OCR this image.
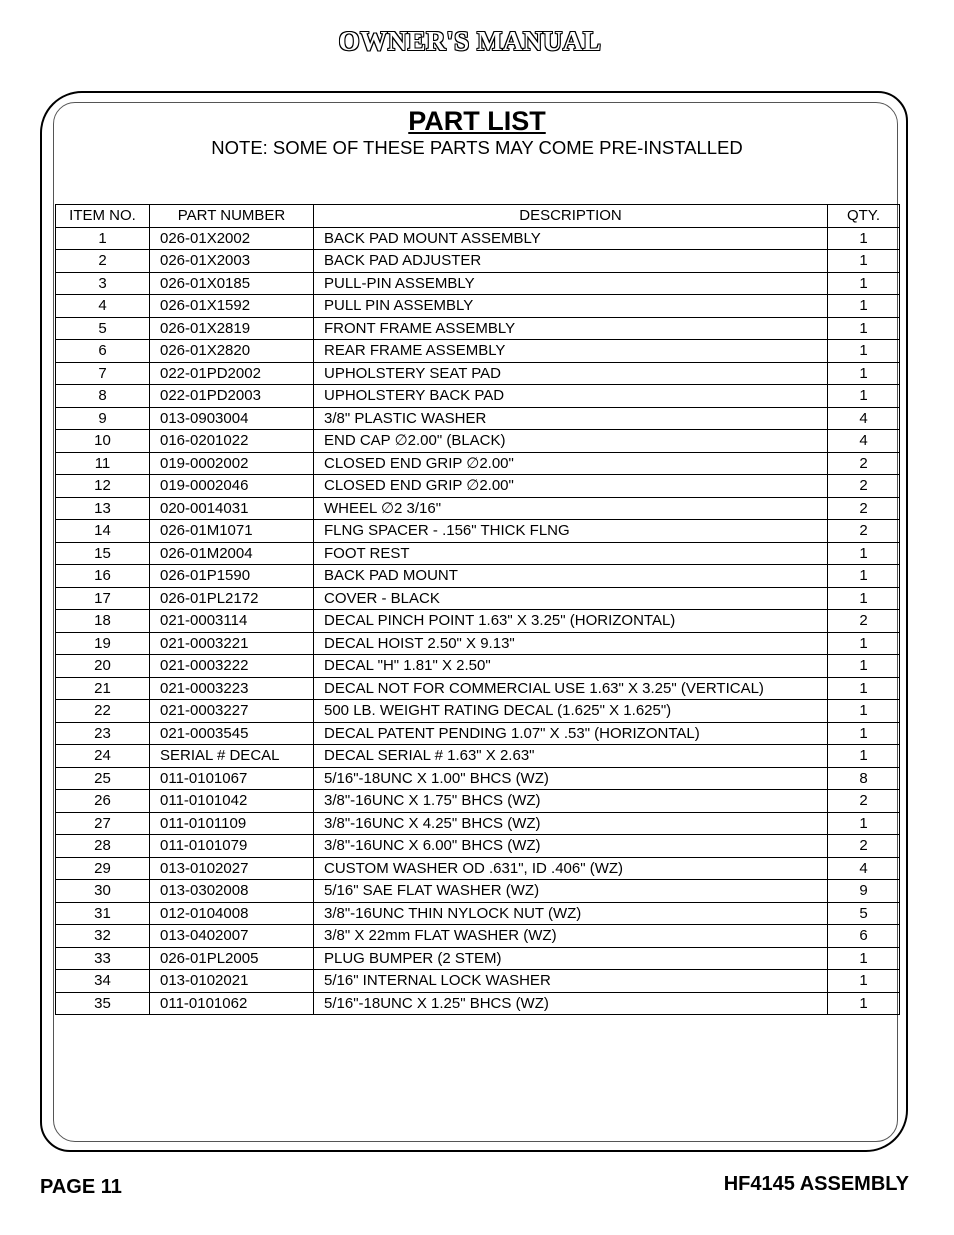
OWNER'S MANUAL
PART LIST
NOTE: SOME OF THESE PARTS MAY COME PRE-INSTALLED
ITEM NO.	PART NUMBER	DESCRIPTION	QTY.
1	026-01X2002	BACK PAD MOUNT ASSEMBLY	1
2	026-01X2003	BACK PAD ADJUSTER	1
3	026-01X0185	PULL-PIN ASSEMBLY	1
4	026-01X1592	PULL PIN ASSEMBLY	1
5	026-01X2819	FRONT FRAME ASSEMBLY	1
6	026-01X2820	REAR FRAME ASSEMBLY	1
7	022-01PD2002	UPHOLSTERY SEAT PAD	1
8	022-01PD2003	UPHOLSTERY BACK PAD	1
9	013-0903004	3/8" PLASTIC WASHER	4
10	016-0201022	END CAP ∅2.00" (BLACK)	4
11	019-0002002	CLOSED END GRIP ∅2.00"	2
12	019-0002046	CLOSED END GRIP ∅2.00"	2
13	020-0014031	WHEEL ∅2 3/16"	2
14	026-01M1071	FLNG SPACER - .156" THICK FLNG	2
15	026-01M2004	FOOT REST	1
16	026-01P1590	BACK PAD MOUNT	1
17	026-01PL2172	COVER - BLACK	1
18	021-0003114	DECAL PINCH POINT 1.63" X 3.25" (HORIZONTAL)	2
19	021-0003221	DECAL HOIST 2.50" X 9.13"	1
20	021-0003222	DECAL "H" 1.81" X 2.50"	1
21	021-0003223	DECAL NOT FOR COMMERCIAL USE 1.63" X 3.25" (VERTICAL)	1
22	021-0003227	500 LB. WEIGHT RATING DECAL (1.625" X 1.625")	1
23	021-0003545	DECAL PATENT PENDING 1.07" X .53" (HORIZONTAL)	1
24	SERIAL # DECAL	DECAL SERIAL # 1.63" X 2.63"	1
25	011-0101067	5/16"-18UNC X 1.00" BHCS (WZ)	8
26	011-0101042	3/8"-16UNC X 1.75" BHCS (WZ)	2
27	011-0101109	3/8"-16UNC X 4.25" BHCS (WZ)	1
28	011-0101079	3/8"-16UNC X 6.00" BHCS (WZ)	2
29	013-0102027	CUSTOM WASHER OD .631", ID .406" (WZ)	4
30	013-0302008	5/16" SAE FLAT WASHER (WZ)	9
31	012-0104008	3/8"-16UNC THIN NYLOCK NUT (WZ)	5
32	013-0402007	3/8" X 22mm FLAT WASHER (WZ)	6
33	026-01PL2005	PLUG BUMPER (2 STEM)	1
34	013-0102021	5/16" INTERNAL LOCK WASHER	1
35	011-0101062	5/16"-18UNC X 1.25" BHCS (WZ)	1
PAGE 11	HF4145 ASSEMBLY
